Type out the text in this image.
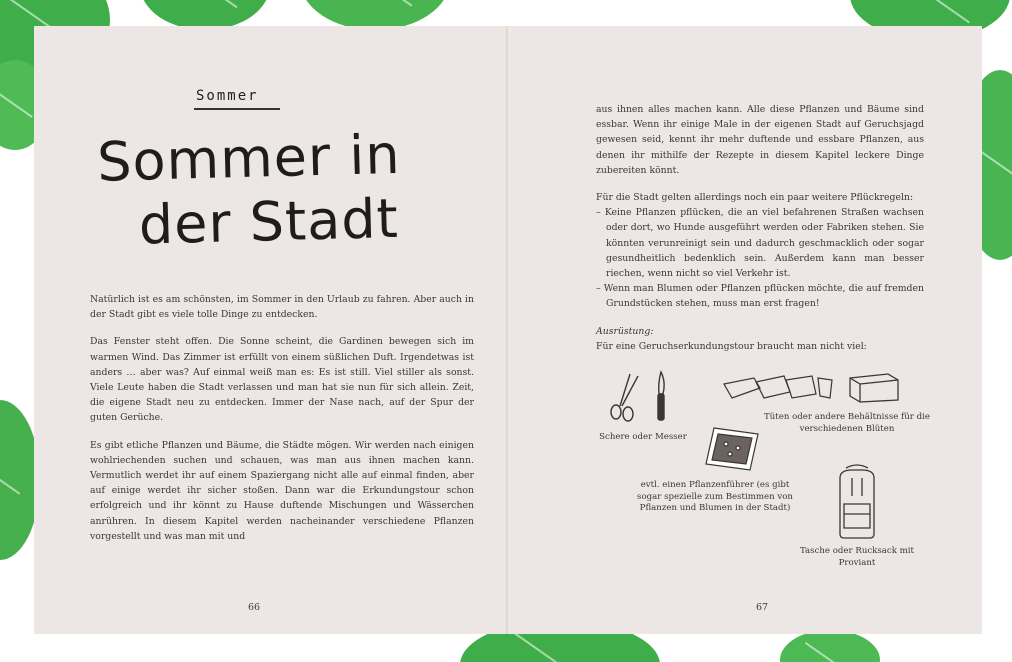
Sommer
Sommer in
der Stadt

Natürlich ist es am schönsten, im Sommer in den Urlaub zu fahren. Aber auch in der Stadt gibt es viele tolle Dinge zu entdecken.

Das Fenster steht offen. Die Sonne scheint, die Gardinen bewegen sich im warmen Wind. Das Zimmer ist erfüllt von einem süßlichen Duft. Irgendetwas ist anders … aber was? Auf einmal weiß man es: Es ist still. Viel stiller als sonst. Viele Leute haben die Stadt verlassen und man hat sie nun für sich allein. Zeit, die eigene Stadt neu zu entdecken. Immer der Nase nach, auf der Spur der guten Gerüche.

Es gibt etliche Pflanzen und Bäume, die Städte mögen. Wir werden nach einigen wohlriechenden suchen und schauen, was man aus ihnen machen kann. Vermutlich werdet ihr auf einem Spaziergang nicht alle auf einmal finden, aber auf einige werdet ihr sicher stoßen. Dann war die Erkundungstour schon erfolgreich und ihr könnt zu Hause duftende Mischungen und Wässerchen anrühren. In diesem Kapitel werden nacheinander verschiedene Pflanzen vorgestellt und was man mit und

66

aus ihnen alles machen kann. Alle diese Pflanzen und Bäume sind essbar. Wenn ihr einige Male in der eigenen Stadt auf Geruchsjagd gewesen seid, kennt ihr mehr duftende und essbare Pflanzen, aus denen ihr mithilfe der Rezepte in diesem Kapitel leckere Dinge zubereiten könnt.

Für die Stadt gelten allerdings noch ein paar weitere Pflückregeln:
– Keine Pflanzen pflücken, die an viel befahrenen Straßen wachsen oder dort, wo Hunde ausgeführt werden oder Fabriken stehen. Sie könnten verunreinigt sein und dadurch geschmacklich oder sogar gesundheitlich bedenklich sein. Außerdem kann man besser riechen, wenn nicht so viel Verkehr ist.
– Wenn man Blumen oder Pflanzen pflücken möchte, die auf fremden Grundstücken stehen, muss man erst fragen!
Ausrüstung:
Für eine Geruchserkundungstour braucht man nicht viel:
Schere oder Messer
Tüten oder andere Behältnisse für die verschiedenen Blüten
evtl. einen Pflanzenführer (es gibt sogar spezielle zum Bestimmen von Pflanzen und Blumen in der Stadt)
Tasche oder Rucksack mit Proviant
67
